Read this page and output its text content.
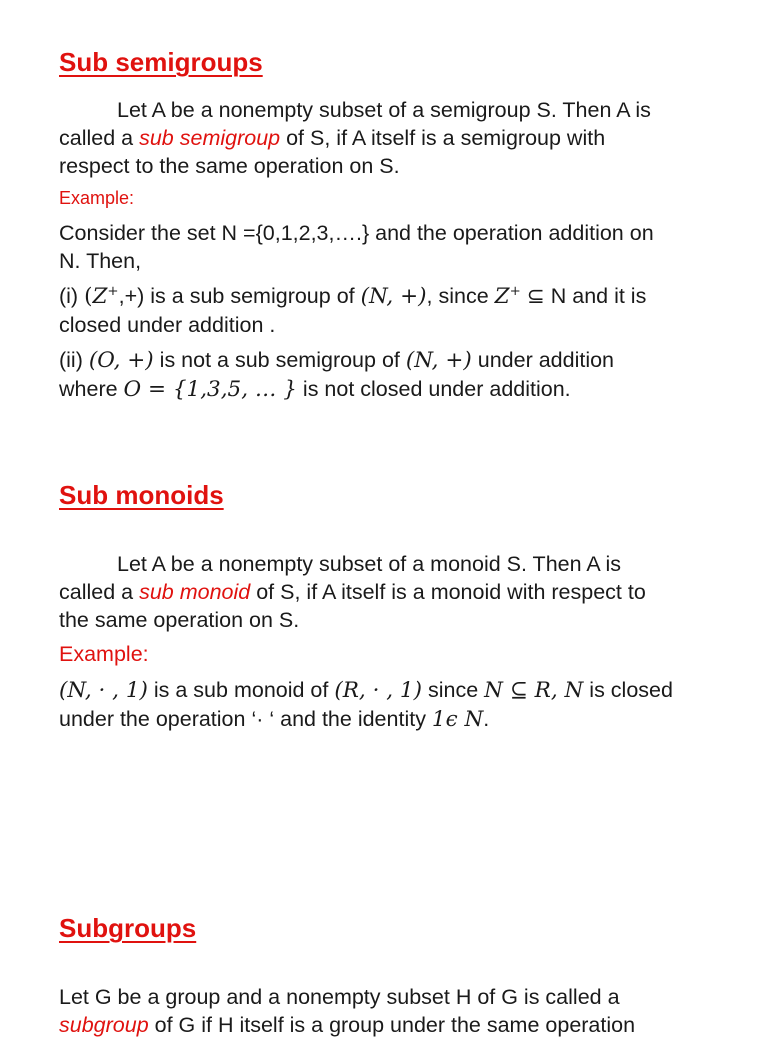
Sub semigroups
Let A be a nonempty subset of a semigroup S. Then A is
called a sub semigroup of S, if A itself is a semigroup with
respect to the same operation on S.
Example:
Consider the set N ={0,1,2,3,….} and the operation addition on
N. Then,
(i) (Z+,+) is a sub semigroup of (N, +), since Z+ ⊆ N and it is
closed under addition .
(ii) (O, +) is not a sub semigroup of (N, +) under addition
where O = {1,3,5, … } is not closed under addition.
Sub monoids
Let A be a nonempty subset of a monoid S. Then A is
called a sub monoid of S, if A itself is a monoid with respect to
the same operation on S.
Example:
(N, · , 1) is a sub monoid of (R, · , 1) since N ⊆ R, N is closed
under the operation ‘· ‘ and the identity 1ϵ N.
Subgroups
Let G be a group and a nonempty subset H of G is called a
subgroup of G if H itself is a group under the same operation
